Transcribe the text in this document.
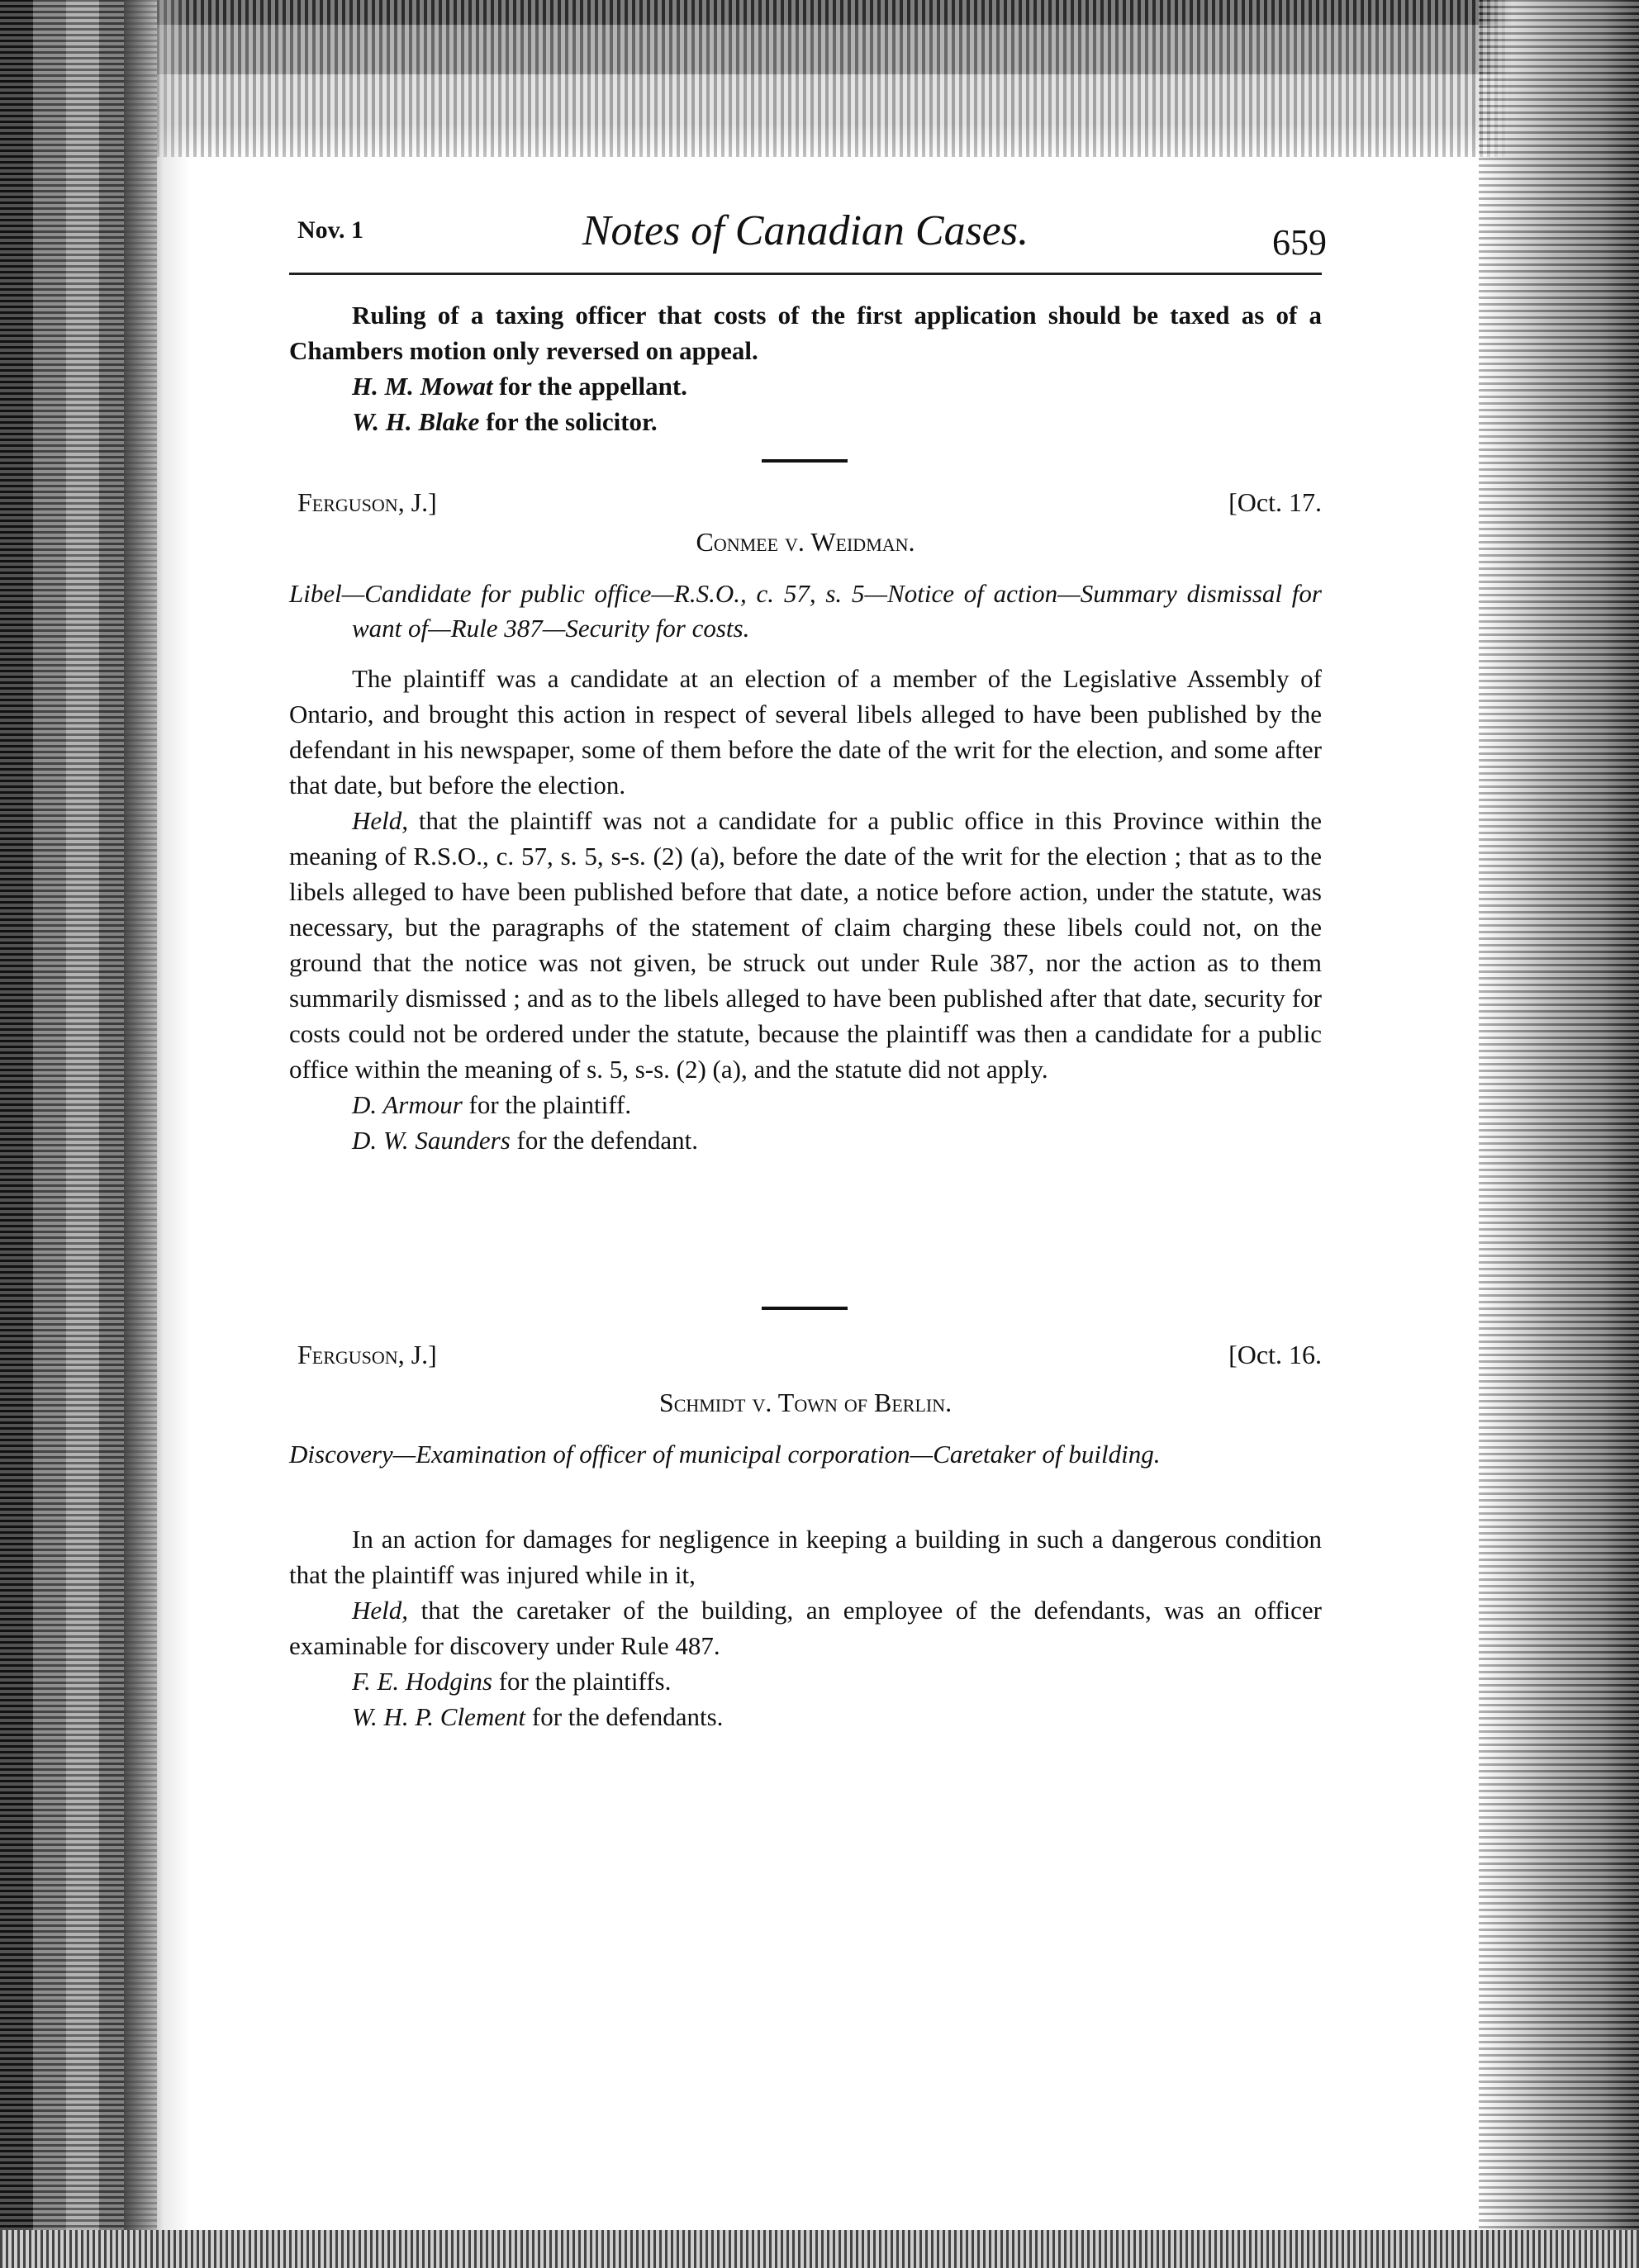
Nov. 1	Notes of Canadian Cases.	659

Ruling of a taxing officer that costs of the first application should be taxed as of a Chambers motion only reversed on appeal.

H. M. Mowat for the appellant.

W. H. Blake for the solicitor.

Ferguson, J.]	[Oct. 17.
Conmee v. Weidman.

Libel—Candidate for public office—R.S.O., c. 57, s. 5—Notice of action—Summary dismissal for want of—Rule 387—Security for costs.

The plaintiff was a candidate at an election of a member of the Legislative Assembly of Ontario, and brought this action in respect of several libels alleged to have been published by the defendant in his newspaper, some of them before the date of the writ for the election, and some after that date, but before the election.

Held, that the plaintiff was not a candidate for a public office in this Province within the meaning of R.S.O., c. 57, s. 5, s-s. (2) (a), before the date of the writ for the election ; that as to the libels alleged to have been published before that date, a notice before action, under the statute, was necessary, but the paragraphs of the statement of claim charging these libels could not, on the ground that the notice was not given, be struck out under Rule 387, nor the action as to them summarily dismissed ; and as to the libels alleged to have been published after that date, security for costs could not be ordered under the statute, because the plaintiff was then a candidate for a public office within the meaning of s. 5, s-s. (2) (a), and the statute did not apply.

D. Armour for the plaintiff.

D. W. Saunders for the defendant.

Ferguson, J.]	[Oct. 16.
Schmidt v. Town of Berlin.

Discovery—Examination of officer of municipal corporation—Caretaker of building.

In an action for damages for negligence in keeping a building in such a dangerous condition that the plaintiff was injured while in it,

Held, that the caretaker of the building, an employee of the defendants, was an officer examinable for discovery under Rule 487.

F. E. Hodgins for the plaintiffs.

W. H. P. Clement for the defendants.
